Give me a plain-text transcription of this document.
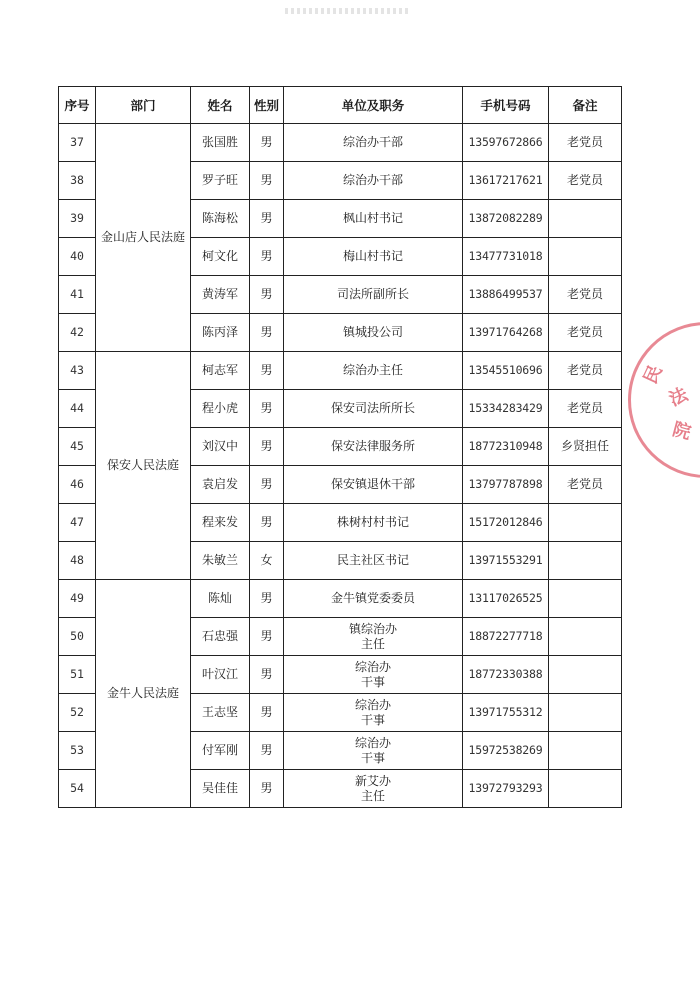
序号	部门	姓名	性别	单位及职务	手机号码	备注
37	金山店人民法庭	张国胜	男	综治办干部	13597672866	老党员
38		罗子旺	男	综治办干部	13617217621	老党员
39		陈海松	男	枫山村书记	13872082289	
40		柯文化	男	梅山村书记	13477731018	
41		黄涛军	男	司法所副所长	13886499537	老党员
42		陈丙泽	男	镇城投公司	13971764268	老党员
43	保安人民法庭	柯志军	男	综治办主任	13545510696	老党员
44		程小虎	男	保安司法所所长	15334283429	老党员
45		刘汉中	男	保安法律服务所	18772310948	乡贤担任
46		袁启发	男	保安镇退休干部	13797787898	老党员
47		程来发	男	株树村村书记	15172012846	
48		朱敏兰	女	民主社区书记	13971553291	
49	金牛人民法庭	陈灿	男	金牛镇党委委员	13117026525	
50		石忠强	男	镇综治办
主任	18872277718	
51		叶汉江	男	综治办
干事	18772330388	
52		王志坚	男	综治办
干事	13971755312	
53		付军刚	男	综治办
干事	15972538269	
54		吴佳佳	男	新艾办
主任	13972793293	
民
法
院
